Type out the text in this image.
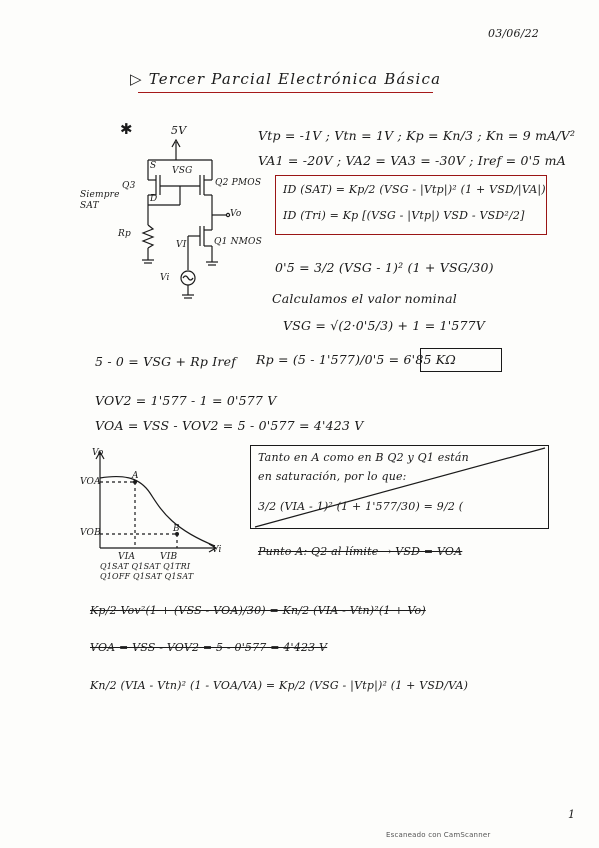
03/06/22
▷ Tercer Parcial Electrónica Básica
✱	5V
S
D
VSG
Q3
Siempre SAT
Q2 PMOS
Vo
Rp
VI	Q1 NMOS
Vi
Vtp = -1V ; Vtn = 1V ; Kp = Kn/3 ; Kn = 9 mA/V²
VA1 = -20V ; VA2 = VA3 = -30V ; Iref = 0'5 mA
ID (SAT) = Kp/2 (VSG - |Vtp|)² (1 + VSD/|VA|)
ID (Tri) = Kp [(VSG - |Vtp|) VSD - VSD²/2]
0'5 = 3/2 (VSG - 1)² (1 + VSG/30)
Calculamos el valor nominal
VSG = √(2·0'5/3) + 1 = 1'577V
5 - 0 = VSG + Rp Iref Rp = (5 - 1'577)/0'5 = 6'85 KΩ
VOV2 = 1'577 - 1 = 0'577 V
VOA = VSS - VOV2 = 5 - 0'577 = 4'423 V
Vo
Vi
VOA
VOB
A
B
VIA	VIB
Q1SAT Q1SAT Q1TRI
Q1OFF Q1SAT Q1SAT
Tanto en A como en B Q2 y Q1 están
en saturación, por lo que:
3/2 (VIA - 1)² (1 + 1'577/30) = 9/2 (
Punto A: Q2 al límite → VSD = VOA
Kp/2 Vov²(1 + (VSS - VOA)/30) = Kn/2 (VIA - Vtn)²(1 + Vo)
VOA = VSS - VOV2 = 5 - 0'577 = 4'423 V
Kn/2 (VIA - Vtn)² (1 - VOA/VA) = Kp/2 (VSG - |Vtp|)² (1 + VSD/VA)
1
Escaneado con CamScanner
